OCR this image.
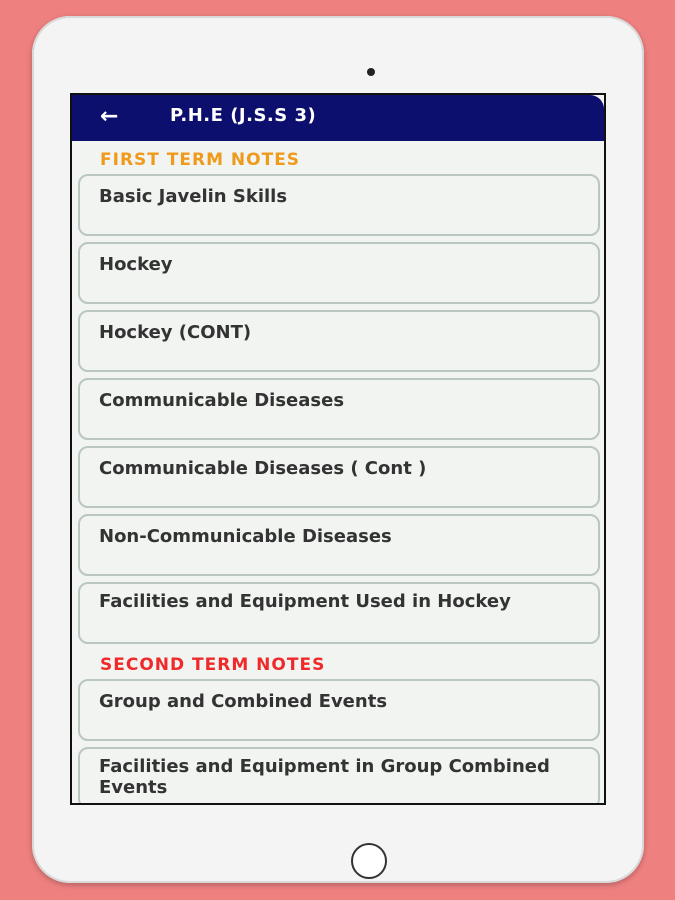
←	P.H.E (J.S.S 3)
FIRST TERM NOTES
Basic Javelin Skills
Hockey
Hockey (CONT)
Communicable Diseases
Communicable Diseases ( Cont )
Non-Communicable Diseases
Facilities and Equipment Used in Hockey
SECOND TERM NOTES
Group and Combined Events
Facilities and Equipment in Group Combined Events
